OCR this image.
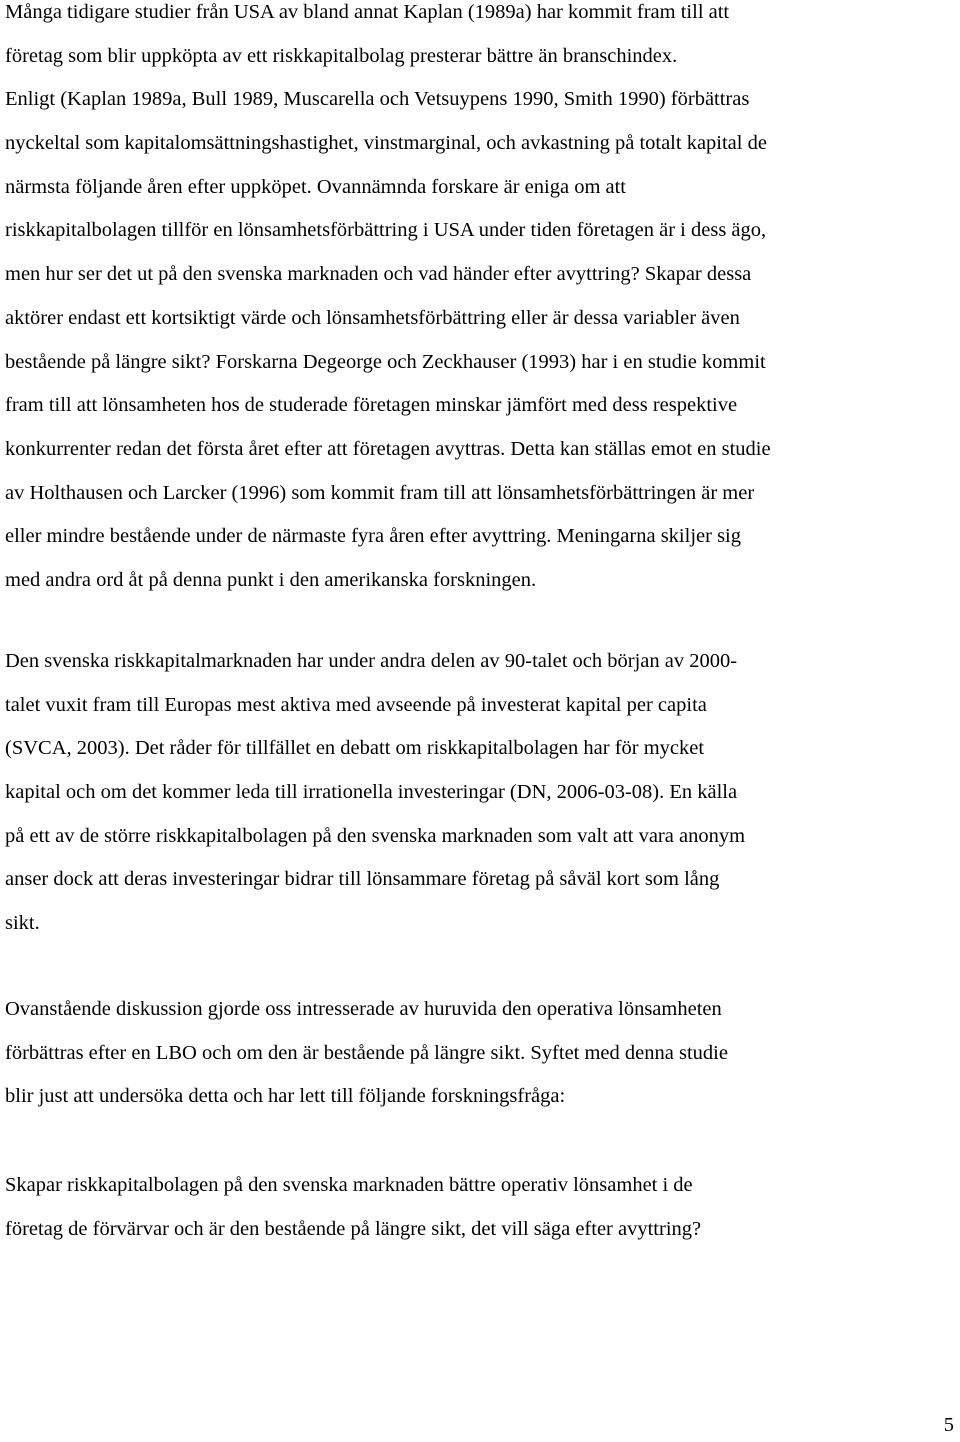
Många tidigare studier från USA av bland annat Kaplan (1989a) har kommit fram till att
företag som blir uppköpta av ett riskkapitalbolag presterar bättre än branschindex.
Enligt (Kaplan 1989a, Bull 1989, Muscarella och Vetsuypens 1990, Smith 1990) förbättras
nyckeltal som kapitalomsättningshastighet, vinstmarginal, och avkastning på totalt kapital de
närmsta följande åren efter uppköpet. Ovannämnda forskare är eniga om att
riskkapitalbolagen tillför en lönsamhetsförbättring i USA under tiden företagen är i dess ägo,
men hur ser det ut på den svenska marknaden och vad händer efter avyttring? Skapar dessa
aktörer endast ett kortsiktigt värde och lönsamhetsförbättring eller är dessa variabler även
bestående på längre sikt? Forskarna Degeorge och Zeckhauser (1993) har i en studie kommit
fram till att lönsamheten hos de studerade företagen minskar jämfört med dess respektive
konkurrenter redan det första året efter att företagen avyttras. Detta kan ställas emot en studie
av Holthausen och Larcker (1996) som kommit fram till att lönsamhetsförbättringen är mer
eller mindre bestående under de närmaste fyra åren efter avyttring. Meningarna skiljer sig
med andra ord åt på denna punkt i den amerikanska forskningen.

Den svenska riskkapitalmarknaden har under andra delen av 90-talet och början av 2000-
talet vuxit fram till Europas mest aktiva med avseende på investerat kapital per capita
(SVCA, 2003). Det råder för tillfället en debatt om riskkapitalbolagen har för mycket
kapital och om det kommer leda till irrationella investeringar (DN, 2006-03-08). En källa
på ett av de större riskkapitalbolagen på den svenska marknaden som valt att vara anonym
anser dock att deras investeringar bidrar till lönsammare företag på såväl kort som lång
sikt.

Ovanstående diskussion gjorde oss intresserade av huruvida den operativa lönsamheten
förbättras efter en LBO och om den är bestående på längre sikt. Syftet med denna studie
blir just att undersöka detta och har lett till följande forskningsfråga:

Skapar riskkapitalbolagen på den svenska marknaden bättre operativ lönsamhet i de
företag de förvärvar och är den bestående på längre sikt, det vill säga efter avyttring?

5
